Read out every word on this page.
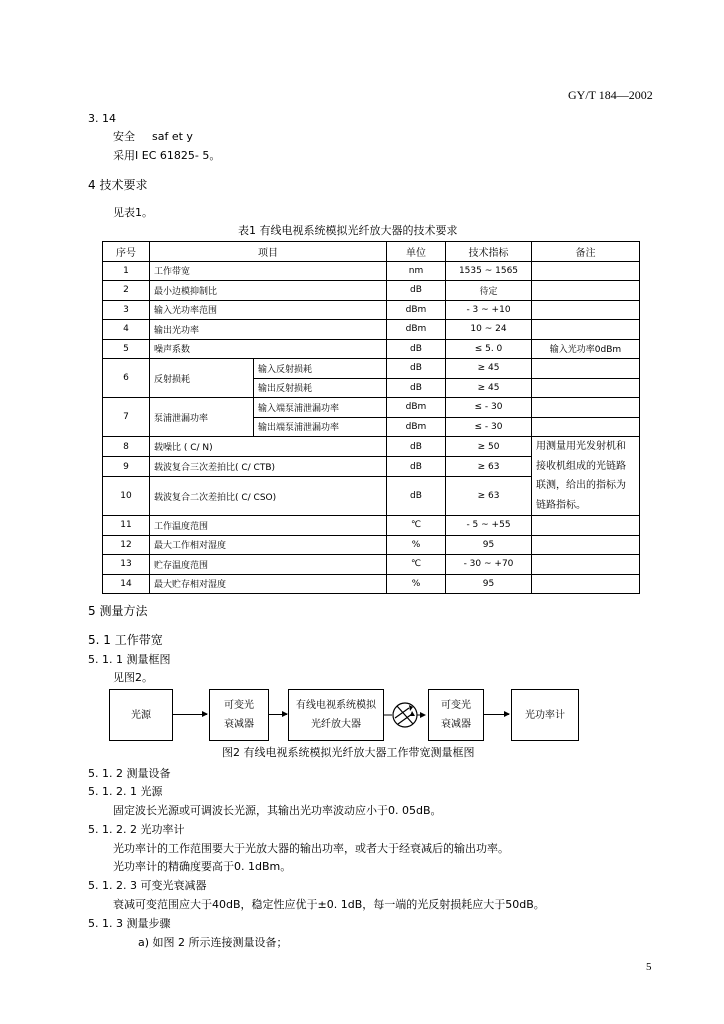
GY/T 184—2002
3. 14
安全 saf et y
采用I EC 61825- 5。
4 技术要求
见表1。
表1 有线电视系统模拟光纤放大器的技术要求
序号	项目		单位	技术指标	备注
1	工作带宽		nm	1535 ~ 1565	
2	最小边模抑制比		dB	待定	
3	输入光功率范围		dBm	- 3 ~ +10	
4	输出光功率		dBm	10 ~ 24	
5	噪声系数		dB	≤ 5. 0	输入光功率0dBm
6	反射损耗	输入反射损耗	dB	≥ 45	
		输出反射损耗	dB	≥ 45	
7	泵浦泄漏功率	输入端泵浦泄漏功率	dBm	≤ - 30	
		输出端泵浦泄漏功率	dBm	≤ - 30	
8	载噪比 ( C/ N)		dB	≥ 50	用测量用光发射机和接收机组成的光链路联测，给出的指标为链路指标。
9	载波复合三次差拍比( C/ CTB)		dB	≥ 63	
10	载波复合二次差拍比( C/ CSO)		dB	≥ 63	
11	工作温度范围		℃	- 5 ~ +55	
12	最大工作相对湿度		%	95	
13	贮存温度范围		℃	- 30 ~ +70	
14	最大贮存相对湿度		%	95	
5 测量方法
5. 1 工作带宽
5. 1. 1 测量框图
见图2。
光源
可变光
衰减器
有线电视系统模拟
光纤放大器
可变光
衰减器
光功率计
图2 有线电视系统模拟光纤放大器工作带宽测量框图
5. 1. 2 测量设备
5. 1. 2. 1 光源
固定波长光源或可调波长光源，其输出光功率波动应小于0. 05dB。
5. 1. 2. 2 光功率计
光功率计的工作范围要大于光放大器的输出功率，或者大于经衰减后的输出功率。
光功率计的精确度要高于0. 1dBm。
5. 1. 2. 3 可变光衰减器
衰减可变范围应大于40dB，稳定性应优于±0. 1dB，每一端的光反射损耗应大于50dB。
5. 1. 3 测量步骤
a) 如图 2 所示连接测量设备；
5
